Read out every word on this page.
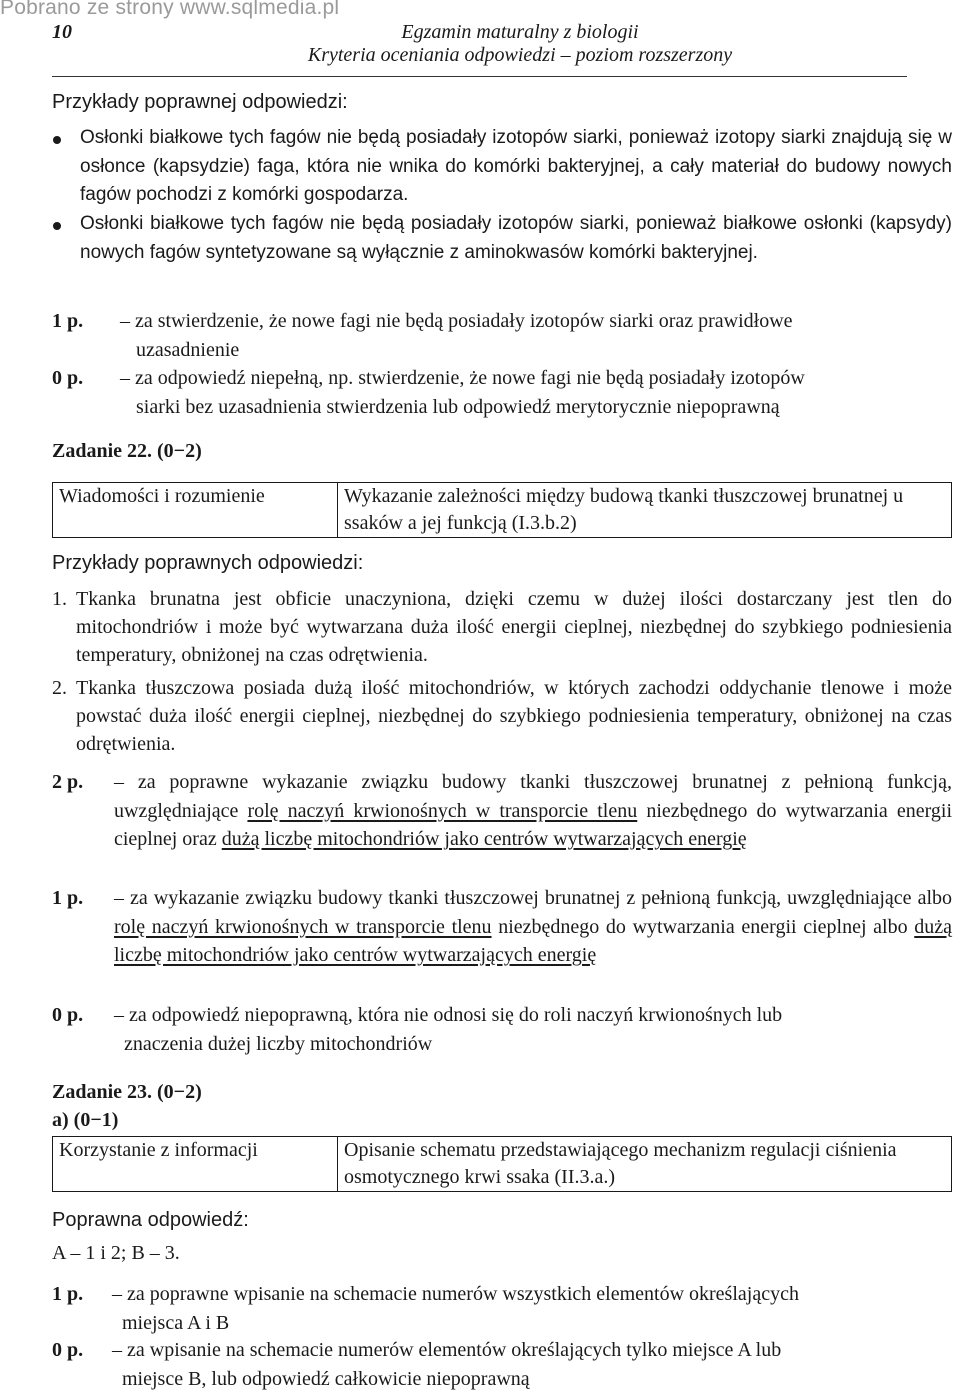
Pobrano ze strony www.sqlmedia.pl
10	Egzamin maturalny z biologii
Kryteria oceniania odpowiedzi – poziom rozszerzony
Przykłady poprawnej odpowiedzi:
Osłonki białkowe tych fagów nie będą posiadały izotopów siarki, ponieważ izotopy siarki znajdują się w osłonce (kapsydzie) faga, która nie wnika do komórki bakteryjnej, a cały materiał do budowy nowych fagów pochodzi z komórki gospodarza.
Osłonki białkowe tych fagów nie będą posiadały izotopów siarki, ponieważ białkowe osłonki (kapsydy) nowych fagów syntetyzowane są wyłącznie z aminokwasów komórki bakteryjnej.
1 p. – za stwierdzenie, że nowe fagi nie będą posiadały izotopów siarki oraz prawidłowe
uzasadnienie
0 p. – za odpowiedź niepełną, np. stwierdzenie, że nowe fagi nie będą posiadały izotopów
siarki bez uzasadnienia stwierdzenia lub odpowiedź merytorycznie niepoprawną
Zadanie 22. (0−2)
Wiadomości i rozumienie	Wykazanie zależności między budową tkanki tłuszczowej brunatnej u ssaków a jej funkcją (I.3.b.2)
Przykłady poprawnych odpowiedzi:
1. Tkanka brunatna jest obficie unaczyniona, dzięki czemu w dużej ilości dostarczany jest tlen do mitochondriów i może być wytwarzana duża ilość energii cieplnej, niezbędnej do szybkiego podniesienia temperatury, obniżonej na czas odrętwienia.
2. Tkanka tłuszczowa posiada dużą ilość mitochondriów, w których zachodzi oddychanie tlenowe i może powstać duża ilość energii cieplnej, niezbędnej do szybkiego podniesienia temperatury, obniżonej na czas odrętwienia.
2 p. – za poprawne wykazanie związku budowy tkanki tłuszczowej brunatnej z pełnioną funkcją, uwzględniające rolę naczyń krwionośnych w transporcie tlenu niezbędnego do wytwarzania energii cieplnej oraz dużą liczbę mitochondriów jako centrów wytwarzających energię
1 p. – za wykazanie związku budowy tkanki tłuszczowej brunatnej z pełnioną funkcją, uwzględniające albo rolę naczyń krwionośnych w transporcie tlenu niezbędnego do wytwarzania energii cieplnej albo dużą liczbę mitochondriów jako centrów wytwarzających energię
0 p. – za odpowiedź niepoprawną, która nie odnosi się do roli naczyń krwionośnych lub
znaczenia dużej liczby mitochondriów
Zadanie 23. (0−2)
a) (0−1)
Korzystanie z informacji	Opisanie schematu przedstawiającego mechanizm regulacji ciśnienia osmotycznego krwi ssaka (II.3.a.)
Poprawna odpowiedź:
A – 1 i 2; B – 3.
1 p. – za poprawne wpisanie na schemacie numerów wszystkich elementów określających
miejsca A i B
0 p. – za wpisanie na schemacie numerów elementów określających tylko miejsce A lub
miejsce B, lub odpowiedź całkowicie niepoprawną
